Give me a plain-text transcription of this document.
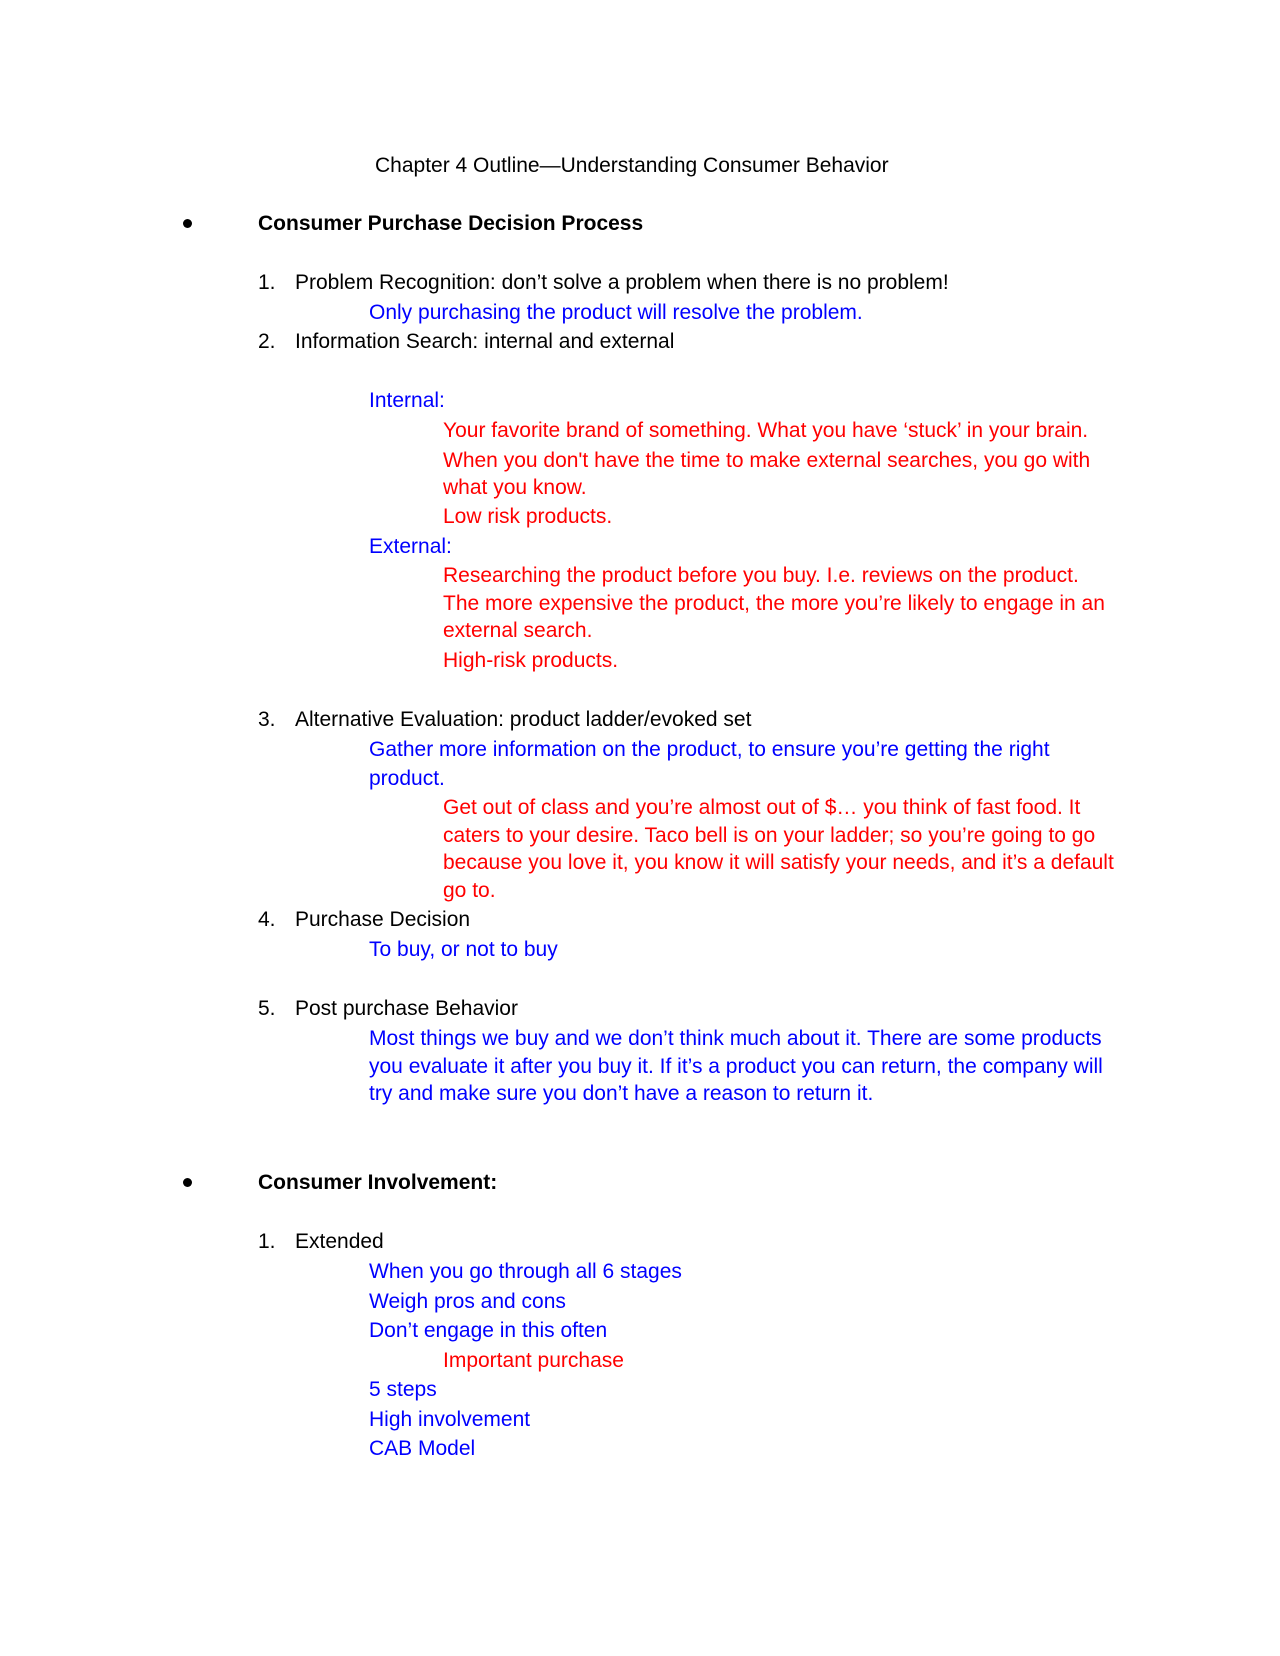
Chapter 4 Outline—Understanding Consumer Behavior
Consumer Purchase Decision Process
1. Problem Recognition: don’t solve a problem when there is no problem!
Only purchasing the product will resolve the problem.
2. Information Search: internal and external
Internal:
Your favorite brand of something. What you have ‘stuck’ in your brain.
When you don't have the time to make external searches, you go with
what you know.
Low risk products.
External:
Researching the product before you buy. I.e. reviews on the product.
The more expensive the product, the more you’re likely to engage in an
external search.
High-risk products.
3. Alternative Evaluation: product ladder/evoked set
Gather more information on the product, to ensure you’re getting the right
product.
Get out of class and you’re almost out of $… you think of fast food. It
caters to your desire. Taco bell is on your ladder; so you’re going to go
because you love it, you know it will satisfy your needs, and it’s a default
go to.
4. Purchase Decision
To buy, or not to buy
5. Post purchase Behavior
Most things we buy and we don’t think much about it. There are some products
you evaluate it after you buy it. If it’s a product you can return, the company will
try and make sure you don’t have a reason to return it.
Consumer Involvement:
1. Extended
When you go through all 6 stages
Weigh pros and cons
Don’t engage in this often
Important purchase
5 steps
High involvement
CAB Model
